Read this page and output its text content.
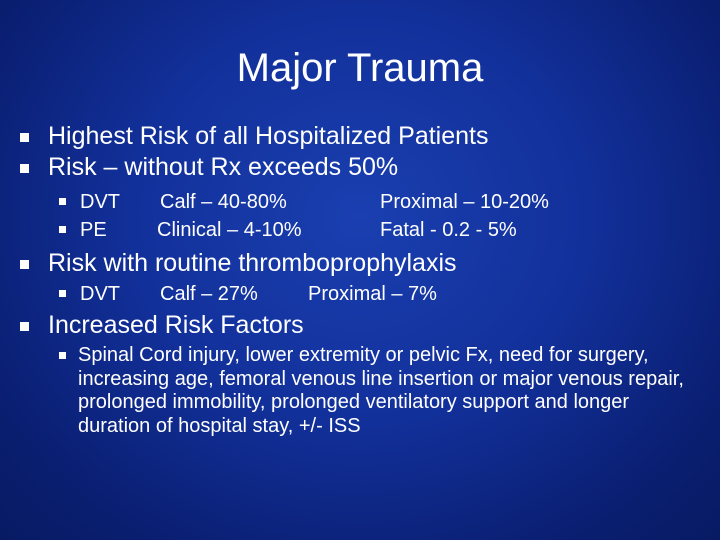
Major Trauma
Highest Risk of all Hospitalized Patients
Risk – without Rx exceeds 50%
DVT Calf – 40-80%	Proximal – 10-20%
PE	Clinical – 4-10%	Fatal - 0.2 - 5%
Risk with routine thromboprophylaxis
DVT Calf – 27%	Proximal – 7%
Increased Risk Factors
Spinal Cord injury, lower extremity or pelvic Fx, need for surgery, increasing age, femoral venous line insertion or major venous repair, prolonged immobility, prolonged ventilatory support and longer duration of hospital stay, +/- ISS
